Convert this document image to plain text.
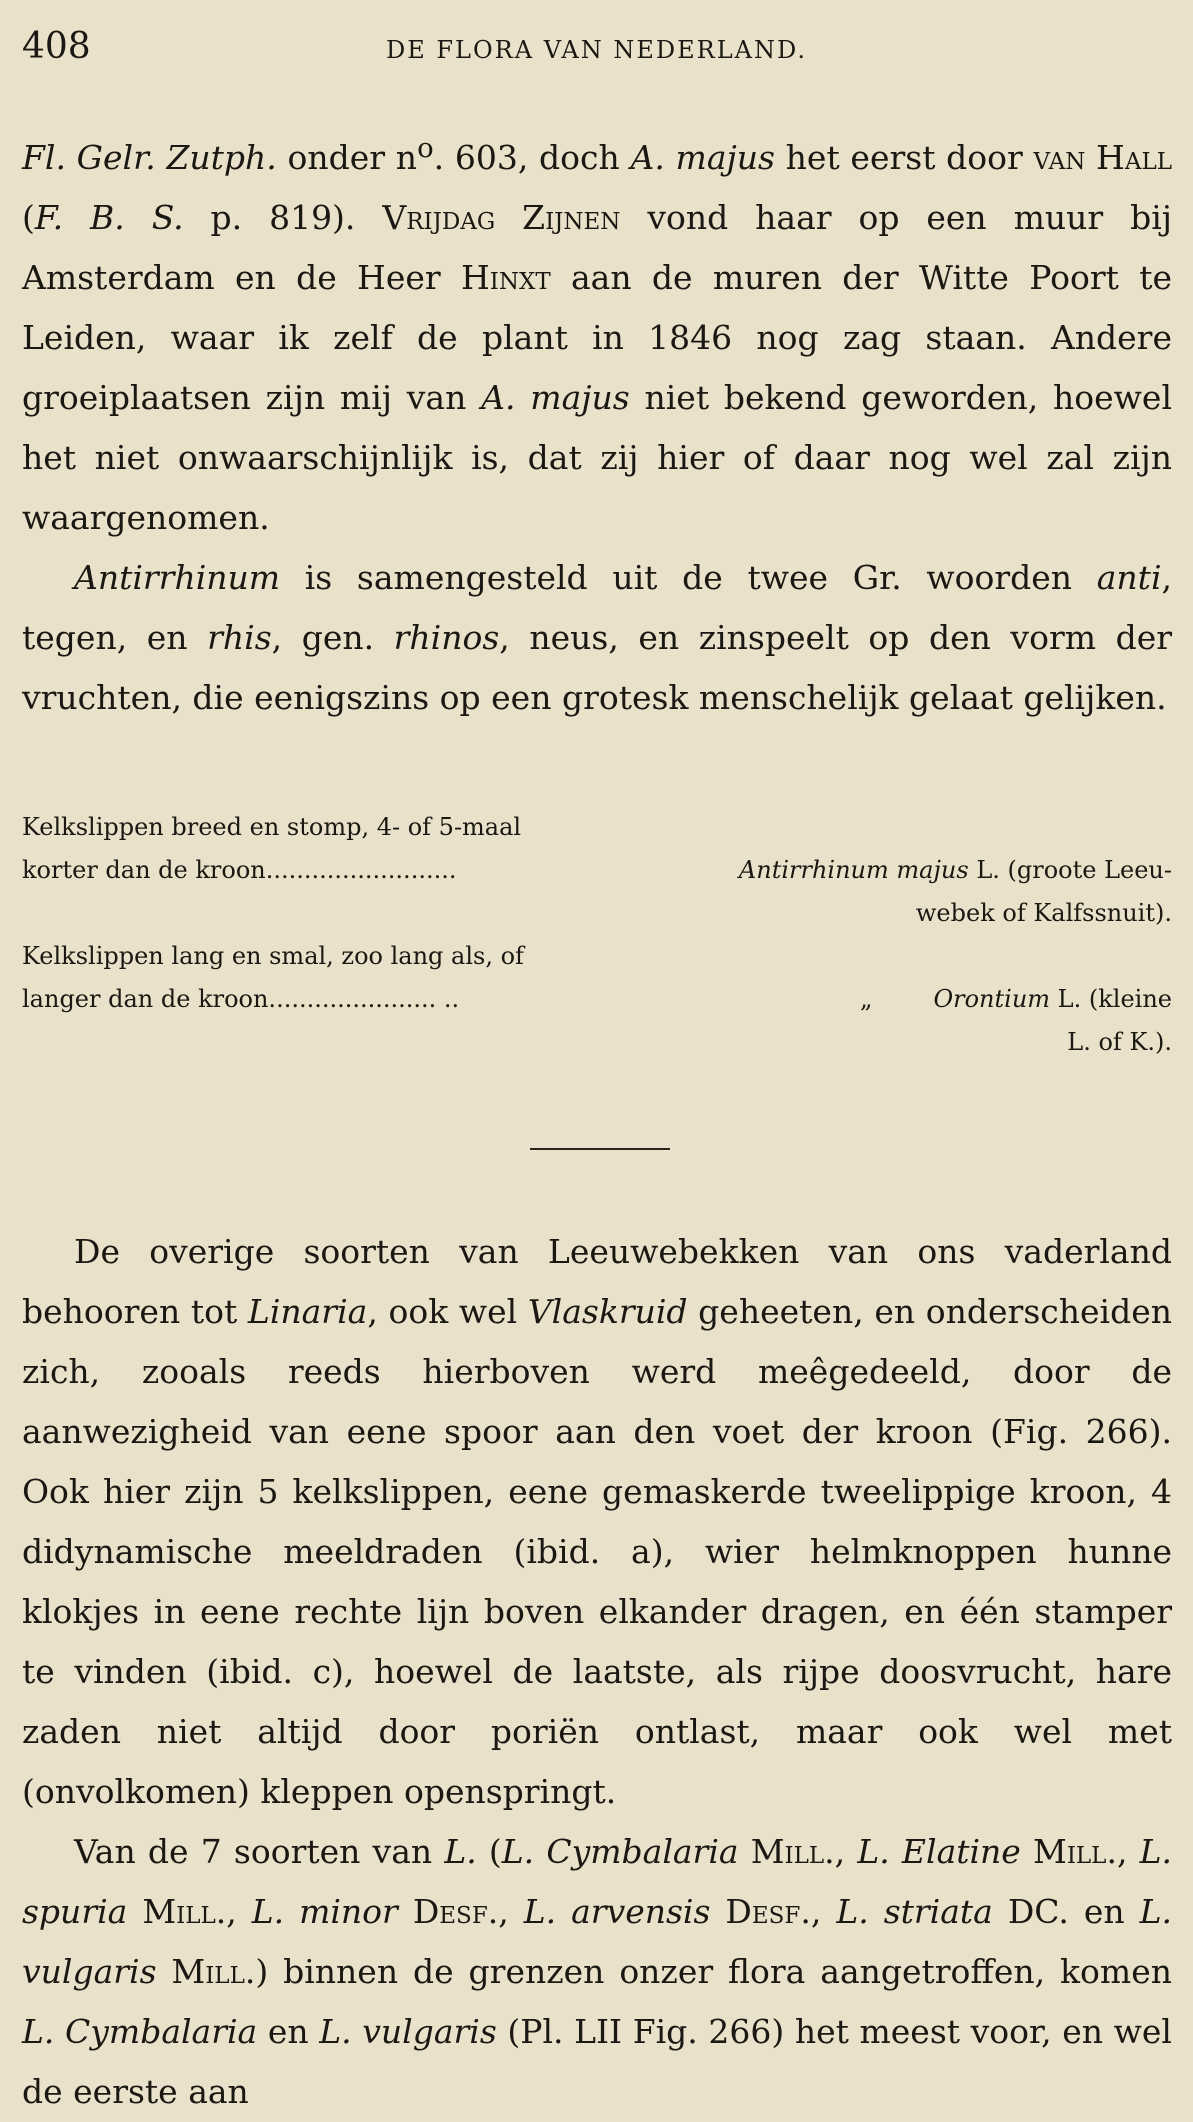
408	DE FLORA VAN NEDERLAND.

Fl. Gelr. Zutph. onder $n^o$. 603, doch A. majus het eerst door van Hall (F. B. S. p. 819). Vrijdag Zijnen vond haar op een muur bij Amsterdam en de Heer Hinxt aan de muren der Witte Poort te Leiden, waar ik zelf de plant in 1846 nog zag staan. Andere groeiplaatsen zijn mij van A. majus niet bekend geworden, hoewel het niet onwaarschijnlijk is, dat zij hier of daar nog wel zal zijn waargenomen.

Antirrhinum is samengesteld uit de twee Gr. woorden anti, tegen, en rhis, gen. rhinos, neus, en zinspeelt op den vorm der vruchten, die eenigszins op een grotesk menschelijk gelaat gelijken.

Kelkslippen breed en stomp, 4- of 5-maal
korter dan de kroon.........................	Antirrhinum majus L. (groote Leeu-
webek of Kalfssnuit).
Kelkslippen lang en smal, zoo lang als, of
langer dan de kroon...................... ..	„	Orontium L. (kleine
L. of K.).

De overige soorten van Leeuwebekken van ons vaderland behooren tot Linaria, ook wel Vlaskruid geheeten, en onderscheiden zich, zooals reeds hierboven werd meêgedeeld, door de aanwezigheid van eene spoor aan den voet der kroon (Fig. 266). Ook hier zijn 5 kelkslippen, eene gemaskerde tweelippige kroon, 4 didynamische meeldraden (ibid. a), wier helmknoppen hunne klokjes in eene rechte lijn boven elkander dragen, en één stamper te vinden (ibid. c), hoewel de laatste, als rijpe doosvrucht, hare zaden niet altijd door poriën ontlast, maar ook wel met (onvolkomen) kleppen openspringt.

Van de 7 soorten van L. (L. Cymbalaria Mill., L. Elatine Mill., L. spuria Mill., L. minor Desf., L. arvensis Desf., L. striata DC. en L. vulgaris Mill.) binnen de grenzen onzer flora aangetroffen, komen L. Cymbalaria en L. vulgaris (Pl. LII Fig. 266) het meest voor, en wel de eerste aan
